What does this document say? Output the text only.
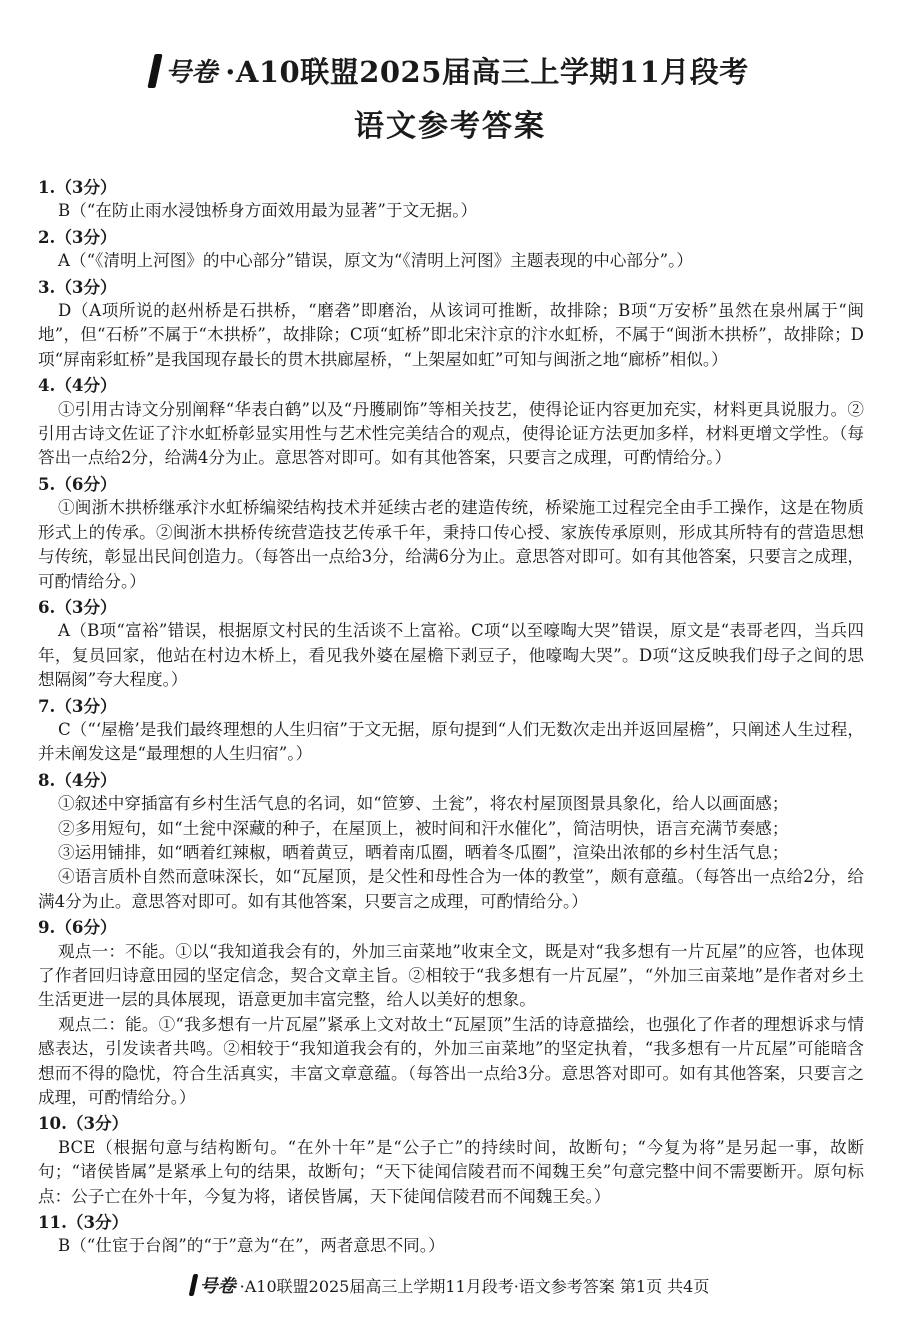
号卷 ·A10联盟2025届高三上学期11月段考
语文参考答案
1.（3分）
B（“在防止雨水浸蚀桥身方面效用最为显著”于文无据。）
2.（3分）
A（“《清明上河图》的中心部分”错误，原文为“《清明上河图》主题表现的中心部分”。）
3.（3分）
D（A项所说的赵州桥是石拱桥，“磨砻”即磨治，从该词可推断，故排除；B项“万安桥”虽然在泉州属于“闽地”，但“石桥”不属于“木拱桥”，故排除；C项“虹桥”即北宋汴京的汴水虹桥，不属于“闽浙木拱桥”，故排除；D项“屏南彩虹桥”是我国现存最长的贯木拱廊屋桥，“上架屋如虹”可知与闽浙之地“廊桥”相似。）
4.（4分）
①引用古诗文分别阐释“华表白鹤”以及“丹臒刷饰”等相关技艺，使得论证内容更加充实，材料更具说服力。②引用古诗文佐证了汴水虹桥彰显实用性与艺术性完美结合的观点，使得论证方法更加多样，材料更增文学性。（每答出一点给2分，给满4分为止。意思答对即可。如有其他答案，只要言之成理，可酌情给分。）
5.（6分）
①闽浙木拱桥继承汴水虹桥编梁结构技术并延续古老的建造传统，桥梁施工过程完全由手工操作，这是在物质形式上的传承。②闽浙木拱桥传统营造技艺传承千年，秉持口传心授、家族传承原则，形成其所特有的营造思想与传统，彰显出民间创造力。（每答出一点给3分，给满6分为止。意思答对即可。如有其他答案，只要言之成理，可酌情给分。）
6.（3分）
A（B项“富裕”错误，根据原文村民的生活谈不上富裕。C项“以至嚎啕大哭”错误，原文是“表哥老四，当兵四年，复员回家，他站在村边木桥上，看见我外婆在屋檐下剥豆子，他嚎啕大哭”。D项“这反映我们母子之间的思想隔阂”夸大程度。）
7.（3分）
C（“‘屋檐’是我们最终理想的人生归宿”于文无据，原句提到“人们无数次走出并返回屋檐”，只阐述人生过程，并未阐发这是“最理想的人生归宿”。）
8.（4分）
①叙述中穿插富有乡村生活气息的名词，如“笸箩、土瓮”，将农村屋顶图景具象化，给人以画面感；
②多用短句，如“土瓮中深藏的种子，在屋顶上，被时间和汗水催化”，简洁明快，语言充满节奏感；
③运用铺排，如“晒着红辣椒，晒着黄豆，晒着南瓜圈，晒着冬瓜圈”，渲染出浓郁的乡村生活气息；
④语言质朴自然而意味深长，如“瓦屋顶，是父性和母性合为一体的教堂”，颇有意蕴。（每答出一点给2分，给满4分为止。意思答对即可。如有其他答案，只要言之成理，可酌情给分。）
9.（6分）
观点一：不能。①以“我知道我会有的，外加三亩菜地”收束全文，既是对“我多想有一片瓦屋”的应答，也体现了作者回归诗意田园的坚定信念，契合文章主旨。②相较于“我多想有一片瓦屋”，“外加三亩菜地”是作者对乡土生活更进一层的具体展现，语意更加丰富完整，给人以美好的想象。
观点二：能。①“我多想有一片瓦屋”紧承上文对故土“瓦屋顶”生活的诗意描绘，也强化了作者的理想诉求与情感表达，引发读者共鸣。②相较于“我知道我会有的，外加三亩菜地”的坚定执着，“我多想有一片瓦屋”可能暗含想而不得的隐忧，符合生活真实，丰富文章意蕴。（每答出一点给3分。意思答对即可。如有其他答案，只要言之成理，可酌情给分。）
10.（3分）
BCE（根据句意与结构断句。“在外十年”是“公子亡”的持续时间，故断句；“今复为将”是另起一事，故断句；“诸侯皆属”是紧承上句的结果，故断句；“天下徒闻信陵君而不闻魏王矣”句意完整中间不需要断开。原句标点：公子亡在外十年，今复为将，诸侯皆属，天下徒闻信陵君而不闻魏王矣。）
11.（3分）
B（“仕宦于台阁”的“于”意为“在”，两者意思不同。）
号卷 ·A10联盟2025届高三上学期11月段考·语文参考答案 第1页 共4页
